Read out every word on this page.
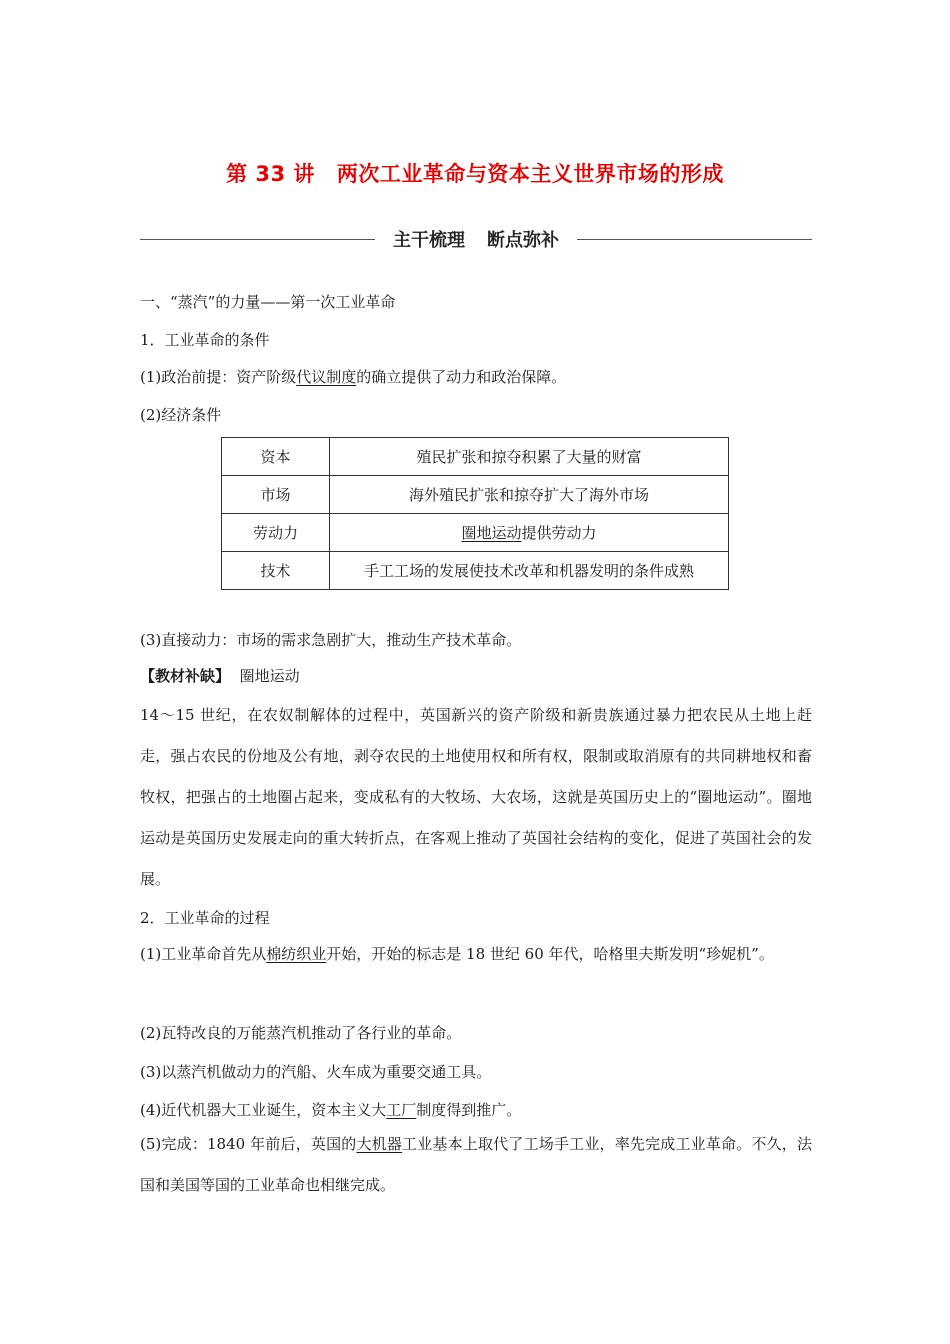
第 33 讲 两次工业革命与资本主义世界市场的形成
主干梳理 断点弥补
一、“蒸汽”的力量——第一次工业革命
1．工业革命的条件
(1)政治前提：资产阶级代议制度的确立提供了动力和政治保障。
(2)经济条件
资本	殖民扩张和掠夺积累了大量的财富
市场	海外殖民扩张和掠夺扩大了海外市场
劳动力	圈地运动提供劳动力
技术	手工工场的发展使技术改革和机器发明的条件成熟
(3)直接动力：市场的需求急剧扩大，推动生产技术革命。
【教材补缺】 圈地运动
14～15 世纪，在农奴制解体的过程中，英国新兴的资产阶级和新贵族通过暴力把农民从土地上赶走，强占农民的份地及公有地，剥夺农民的土地使用权和所有权，限制或取消原有的共同耕地权和畜牧权，把强占的土地圈占起来，变成私有的大牧场、大农场，这就是英国历史上的“圈地运动”。圈地运动是英国历史发展走向的重大转折点，在客观上推动了英国社会结构的变化，促进了英国社会的发展。
2．工业革命的过程
(1)工业革命首先从棉纺织业开始，开始的标志是 18 世纪 60 年代，哈格里夫斯发明“珍妮机”。
(2)瓦特改良的万能蒸汽机推动了各行业的革命。
(3)以蒸汽机做动力的汽船、火车成为重要交通工具。
(4)近代机器大工业诞生，资本主义大工厂制度得到推广。
(5)完成：1840 年前后，英国的大机器工业基本上取代了工场手工业，率先完成工业革命。不久，法国和美国等国的工业革命也相继完成。
